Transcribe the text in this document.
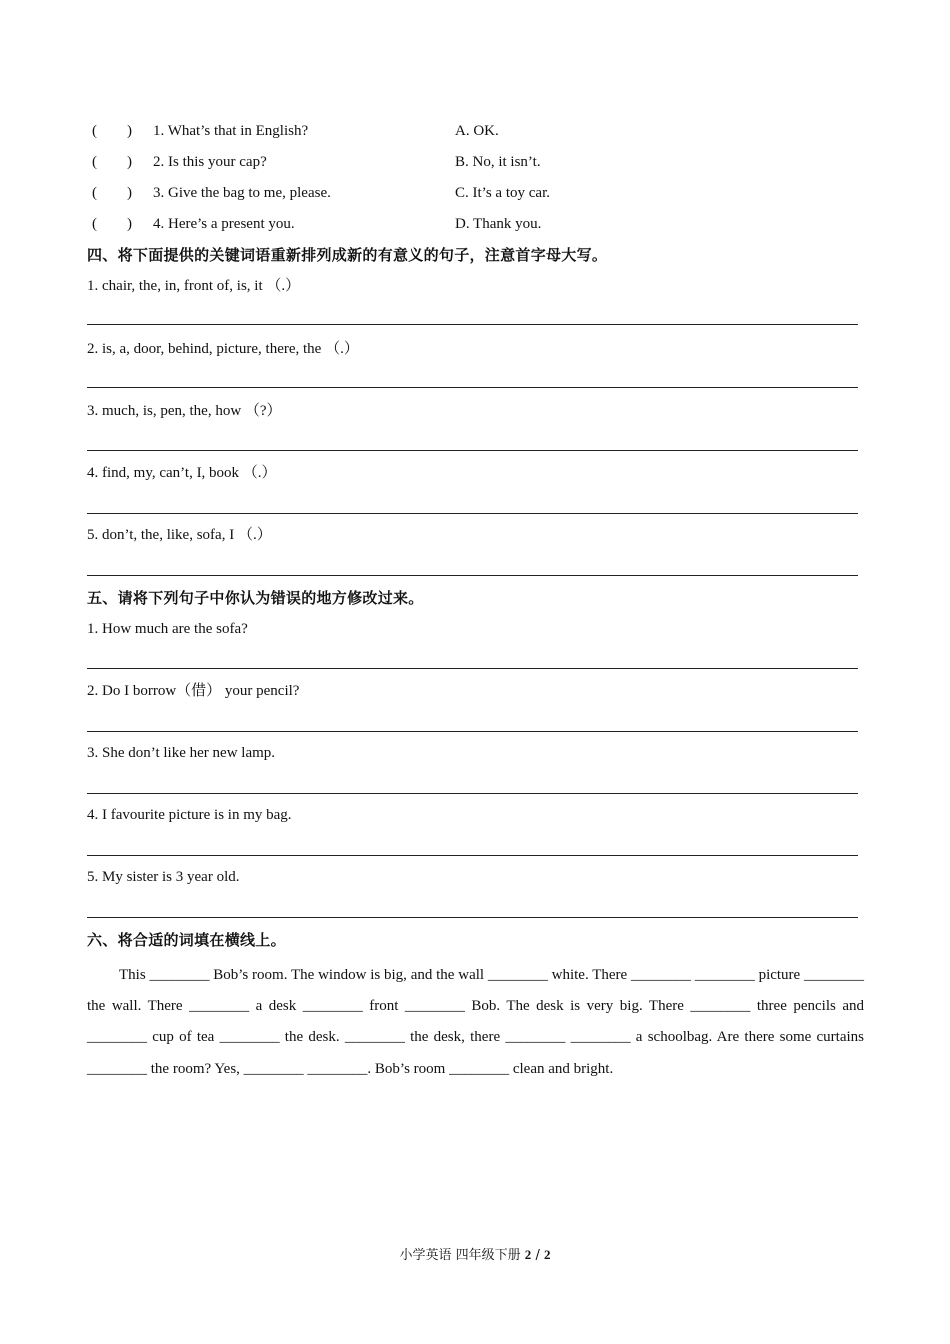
(　　) 1. What’s that in English?	A. OK.
(　　) 2. Is this your cap?	B. No, it isn’t.
(　　) 3. Give the bag to me, please.	C. It’s a toy car.
(　　) 4. Here’s a present you.	D. Thank you.
四、将下面提供的关键词语重新排列成新的有意义的句子，注意首字母大写。
1. chair, the, in, front of, is, it （.）
2. is, a, door, behind, picture, there, the （.）
3. much, is, pen, the, how （?）
4. find, my, can’t, I, book （.）
5. don’t, the, like, sofa, I （.）
五、请将下列句子中你认为错误的地方修改过来。
1. How much are the sofa?
2. Do I borrow（借） your pencil?
3. She don’t like her new lamp.
4. I favourite picture is in my bag.
5. My sister is 3 year old.
六、将合适的词填在横线上。
This ________ Bob’s room. The window is big, and the wall ________ white. There ________ ________ picture ________ the wall. There ________ a desk ________ front ________ Bob. The desk is very big. There ________ three pencils and ________ cup of tea ________ the desk. ________ the desk, there ________ ________ a schoolbag. Are there some curtains ________ the room? Yes, ________ ________. Bob’s room ________ clean and bright.
小学英语 四年级下册 2 / 2
